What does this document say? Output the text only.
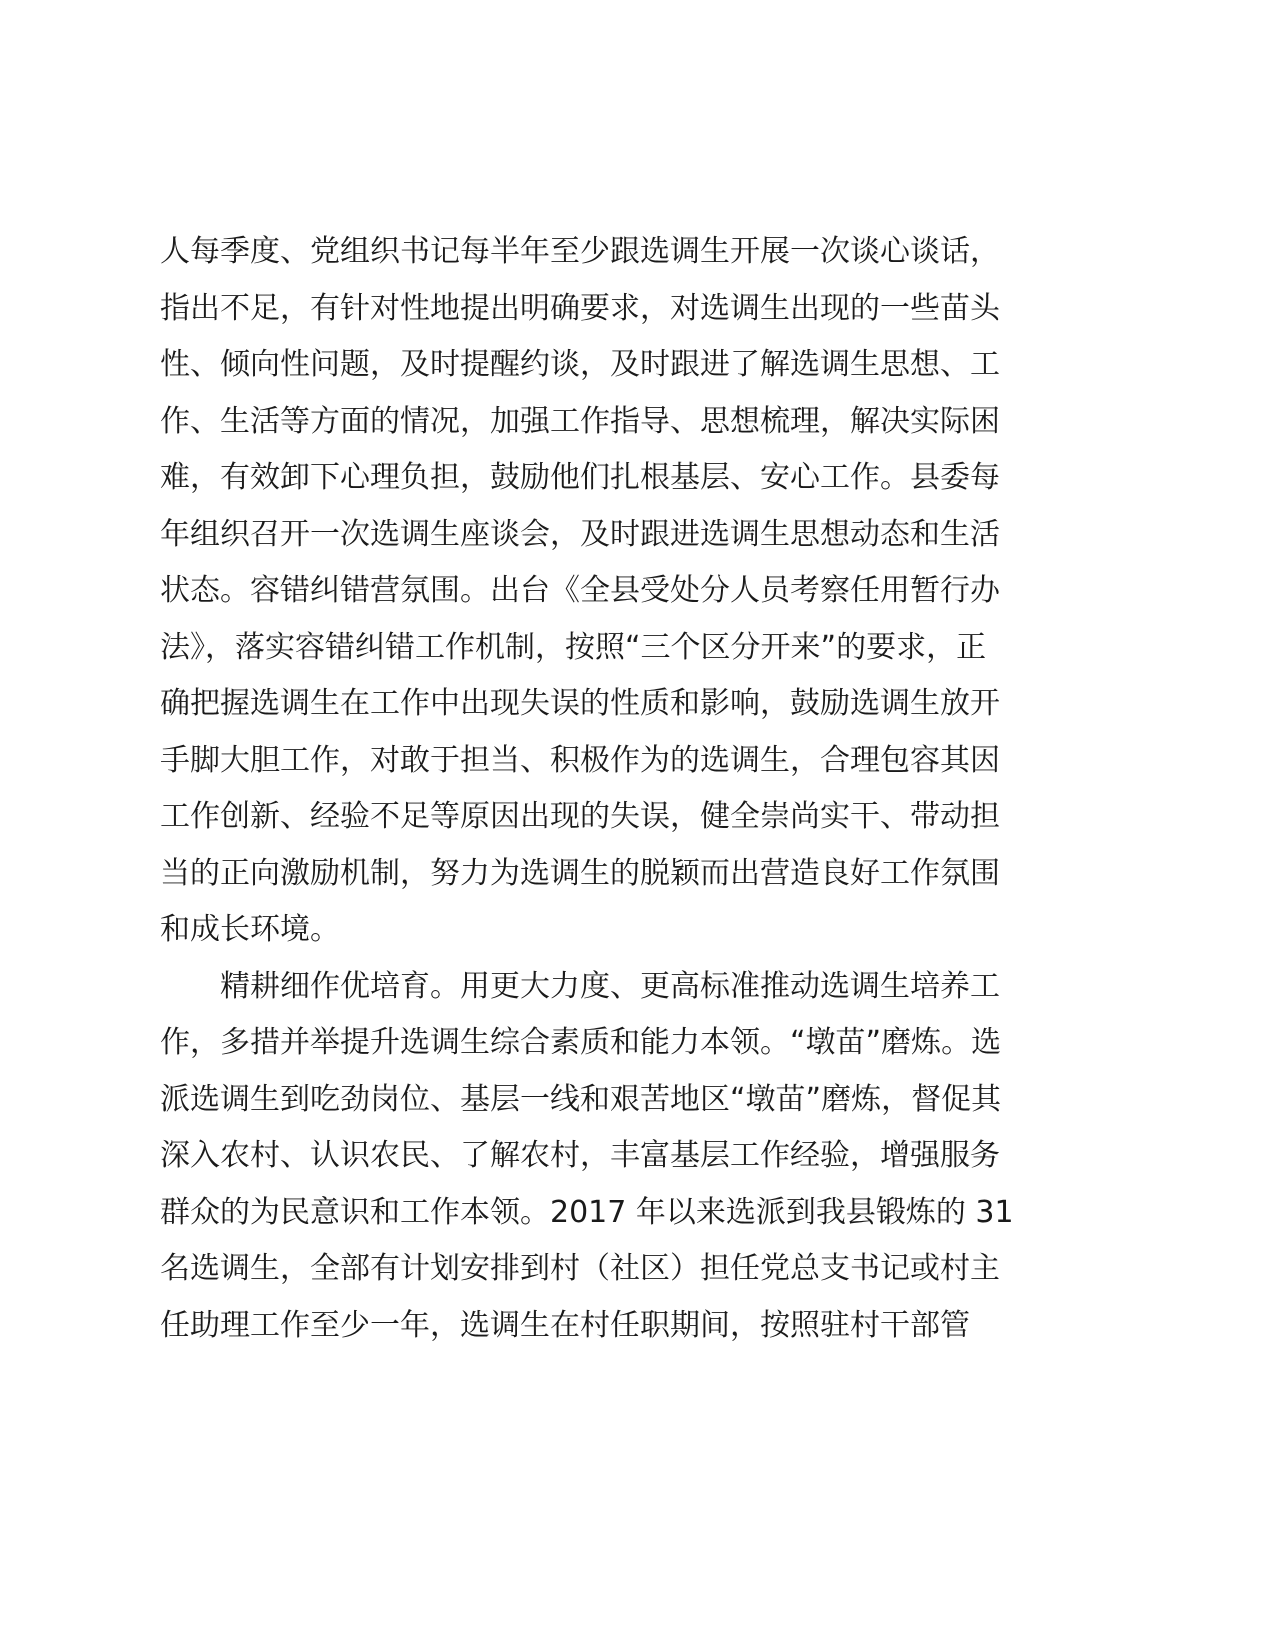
人每季度、党组织书记每半年至少跟选调生开展一次谈心谈话，
指出不足，有针对性地提出明确要求，对选调生出现的一些苗头
性、倾向性问题，及时提醒约谈，及时跟进了解选调生思想、工
作、生活等方面的情况，加强工作指导、思想梳理，解决实际困
难，有效卸下心理负担，鼓励他们扎根基层、安心工作。县委每
年组织召开一次选调生座谈会，及时跟进选调生思想动态和生活
状态。容错纠错营氛围。出台《全县受处分人员考察任用暂行办
法》，落实容错纠错工作机制，按照“三个区分开来”的要求，正
确把握选调生在工作中出现失误的性质和影响，鼓励选调生放开
手脚大胆工作，对敢于担当、积极作为的选调生，合理包容其因
工作创新、经验不足等原因出现的失误，健全崇尚实干、带动担
当的正向激励机制，努力为选调生的脱颖而出营造良好工作氛围
和成长环境。
精耕细作优培育。用更大力度、更高标准推动选调生培养工
作，多措并举提升选调生综合素质和能力本领。“墩苗”磨炼。选
派选调生到吃劲岗位、基层一线和艰苦地区“墩苗”磨炼，督促其
深入农村、认识农民、了解农村，丰富基层工作经验，增强服务
群众的为民意识和工作本领。2017 年以来选派到我县锻炼的 31
名选调生，全部有计划安排到村（社区）担任党总支书记或村主
任助理工作至少一年，选调生在村任职期间，按照驻村干部管
